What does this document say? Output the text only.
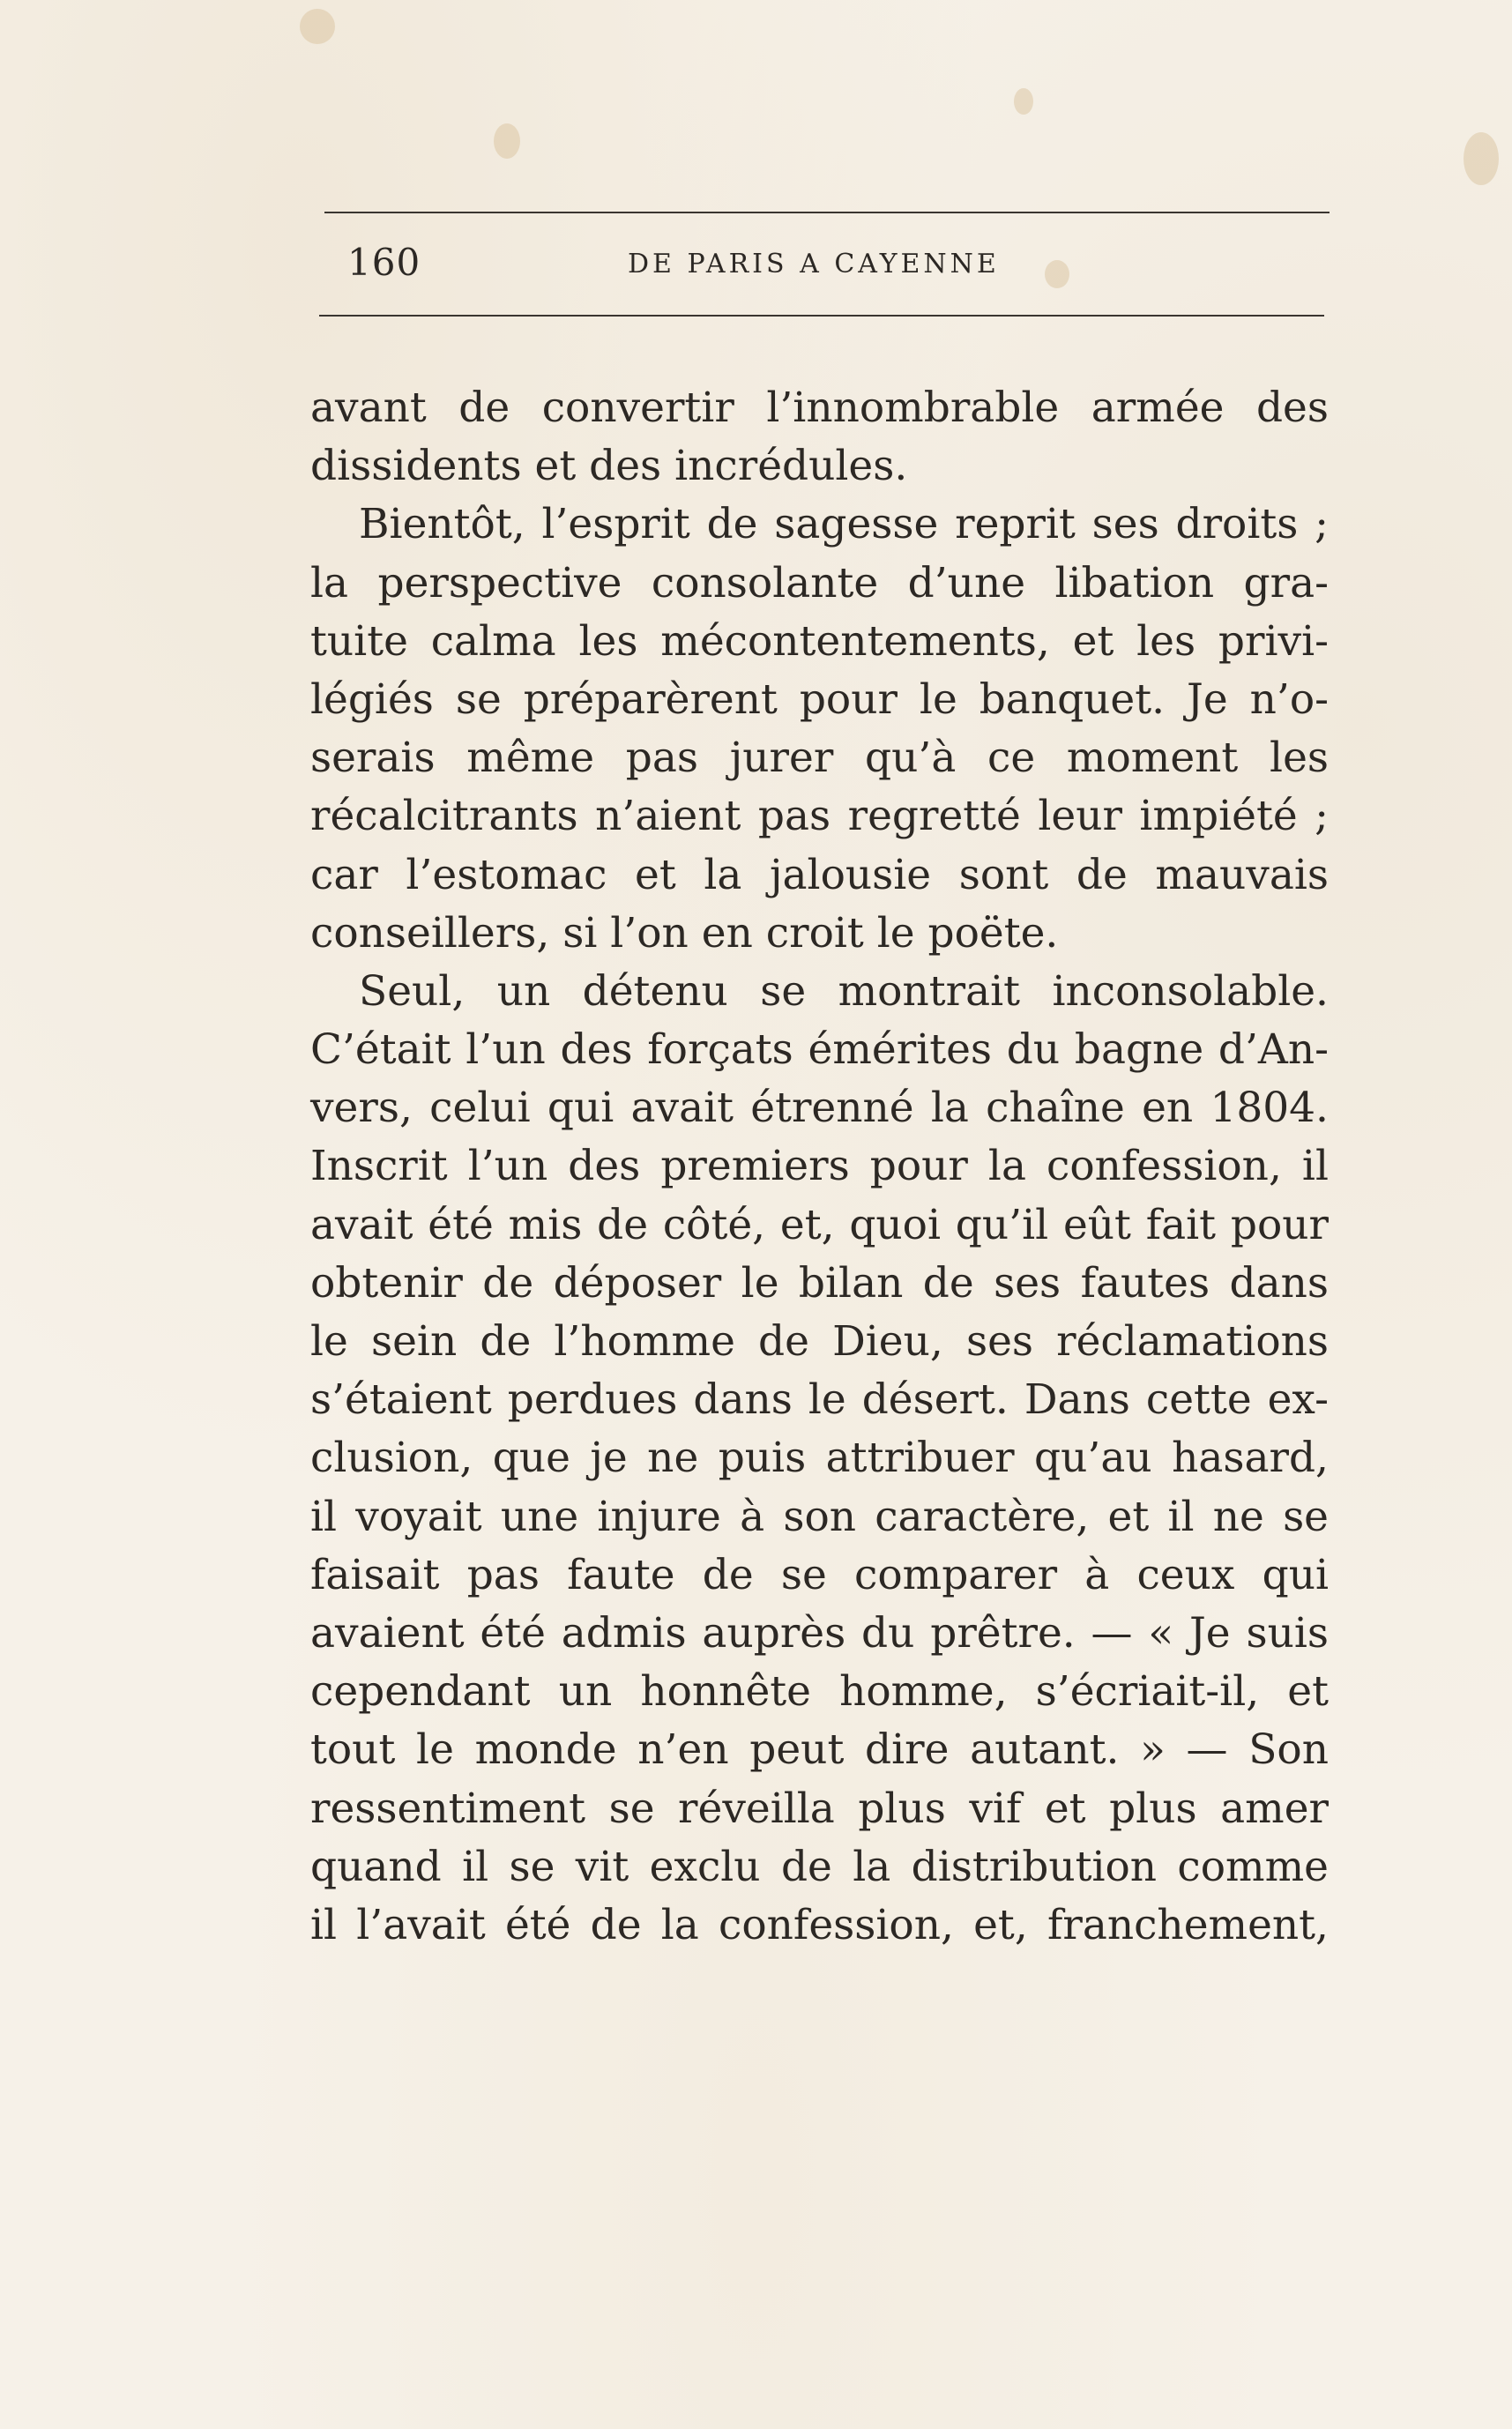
160	DE PARIS A CAYENNE
avant de convertir l’innombrable armée des
dissidents et des incrédules.
Bientôt, l’esprit de sagesse reprit ses droits ;
la perspective consolante d’une libation gra-
tuite calma les mécontentements, et les privi-
légiés se préparèrent pour le banquet. Je n’o-
serais même pas jurer qu’à ce moment les
récalcitrants n’aient pas regretté leur impiété ;
car l’estomac et la jalousie sont de mauvais
conseillers, si l’on en croit le poëte.
Seul, un détenu se montrait inconsolable.
C’était l’un des forçats émérites du bagne d’An-
vers, celui qui avait étrenné la chaîne en 1804.
Inscrit l’un des premiers pour la confession, il
avait été mis de côté, et, quoi qu’il eût fait pour
obtenir de déposer le bilan de ses fautes dans
le sein de l’homme de Dieu, ses réclamations
s’étaient perdues dans le désert. Dans cette ex-
clusion, que je ne puis attribuer qu’au hasard,
il voyait une injure à son caractère, et il ne se
faisait pas faute de se comparer à ceux qui
avaient été admis auprès du prêtre. — « Je suis
cependant un honnête homme, s’écriait-il, et
tout le monde n’en peut dire autant. » — Son
ressentiment se réveilla plus vif et plus amer
quand il se vit exclu de la distribution comme
il l’avait été de la confession, et, franchement,
